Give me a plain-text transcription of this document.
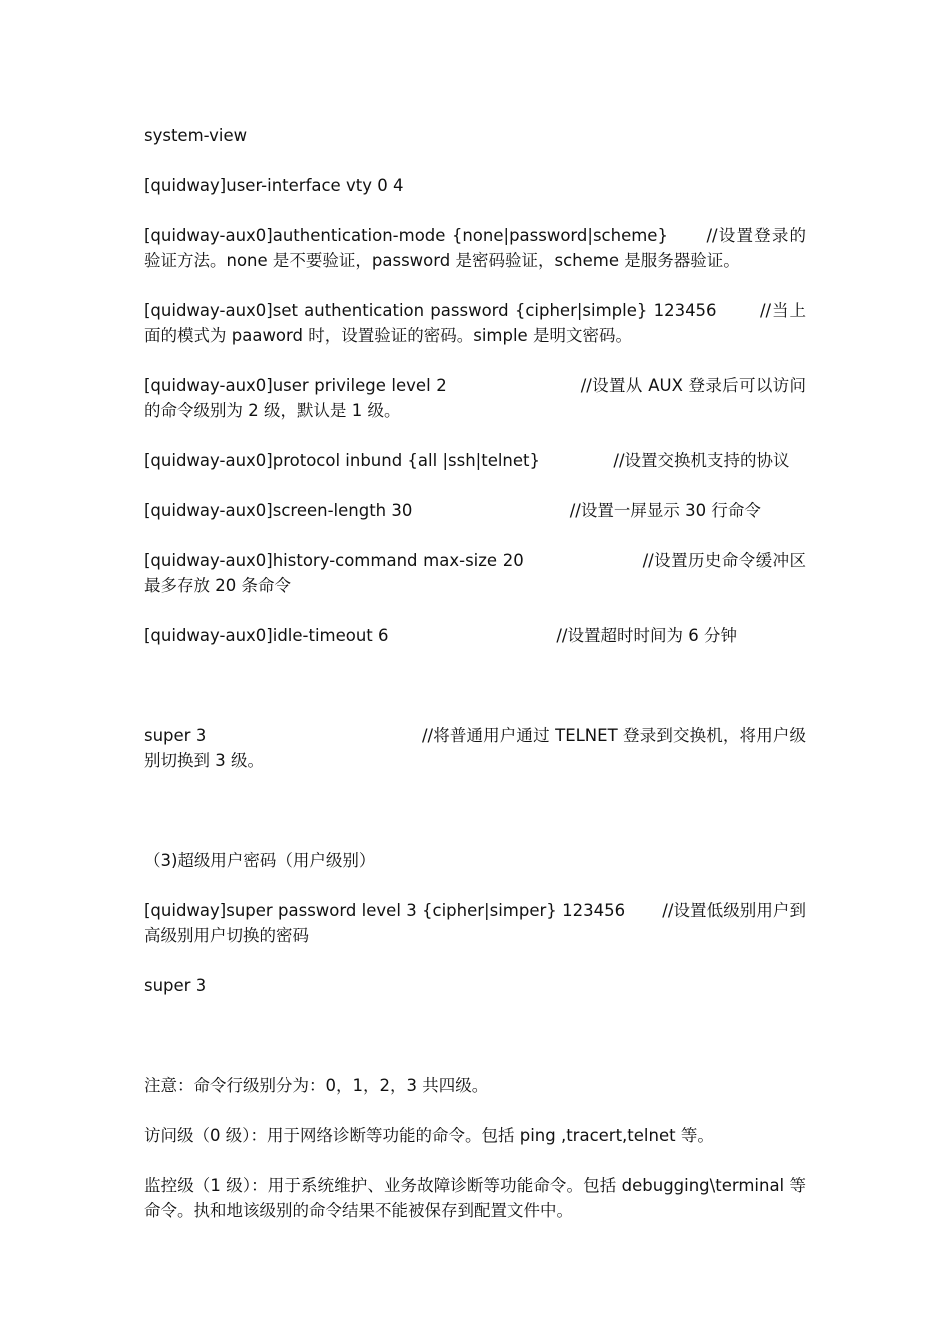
system-view
[quidway]user-interface vty 0 4
[quidway-aux0]authentication-mode {none|password|scheme}      //设置登录的验证方法。none 是不要验证，password 是密码验证，scheme 是服务器验证。
[quidway-aux0]set authentication password {cipher|simple} 123456       //当上面的模式为 paaword 时，设置验证的密码。simple 是明文密码。
[quidway-aux0]user privilege level 2                        //设置从 AUX 登录后可以访问的命令级别为 2 级，默认是 1 级。
[quidway-aux0]protocol inbund {all |ssh|telnet}              //设置交换机支持的协议
[quidway-aux0]screen-length 30                              //设置一屏显示 30 行命令
[quidway-aux0]history-command max-size 20                     //设置历史命令缓冲区最多存放 20 条命令
[quidway-aux0]idle-timeout 6                                //设置超时时间为 6 分钟
super 3                                        //将普通用户通过 TELNET 登录到交换机，将用户级别切换到 3 级。
（3)超级用户密码（用户级别）
[quidway]super password level 3 {cipher|simper} 123456       //设置低级别用户到高级别用户切换的密码
super 3
注意：命令行级别分为：0，1，2，3 共四级。
访问级（0 级）：用于网络诊断等功能的命令。包括 ping ,tracert,telnet 等。
监控级（1 级）：用于系统维护、业务故障诊断等功能命令。包括 debugging\terminal 等命令。执和地该级别的命令结果不能被保存到配置文件中。
